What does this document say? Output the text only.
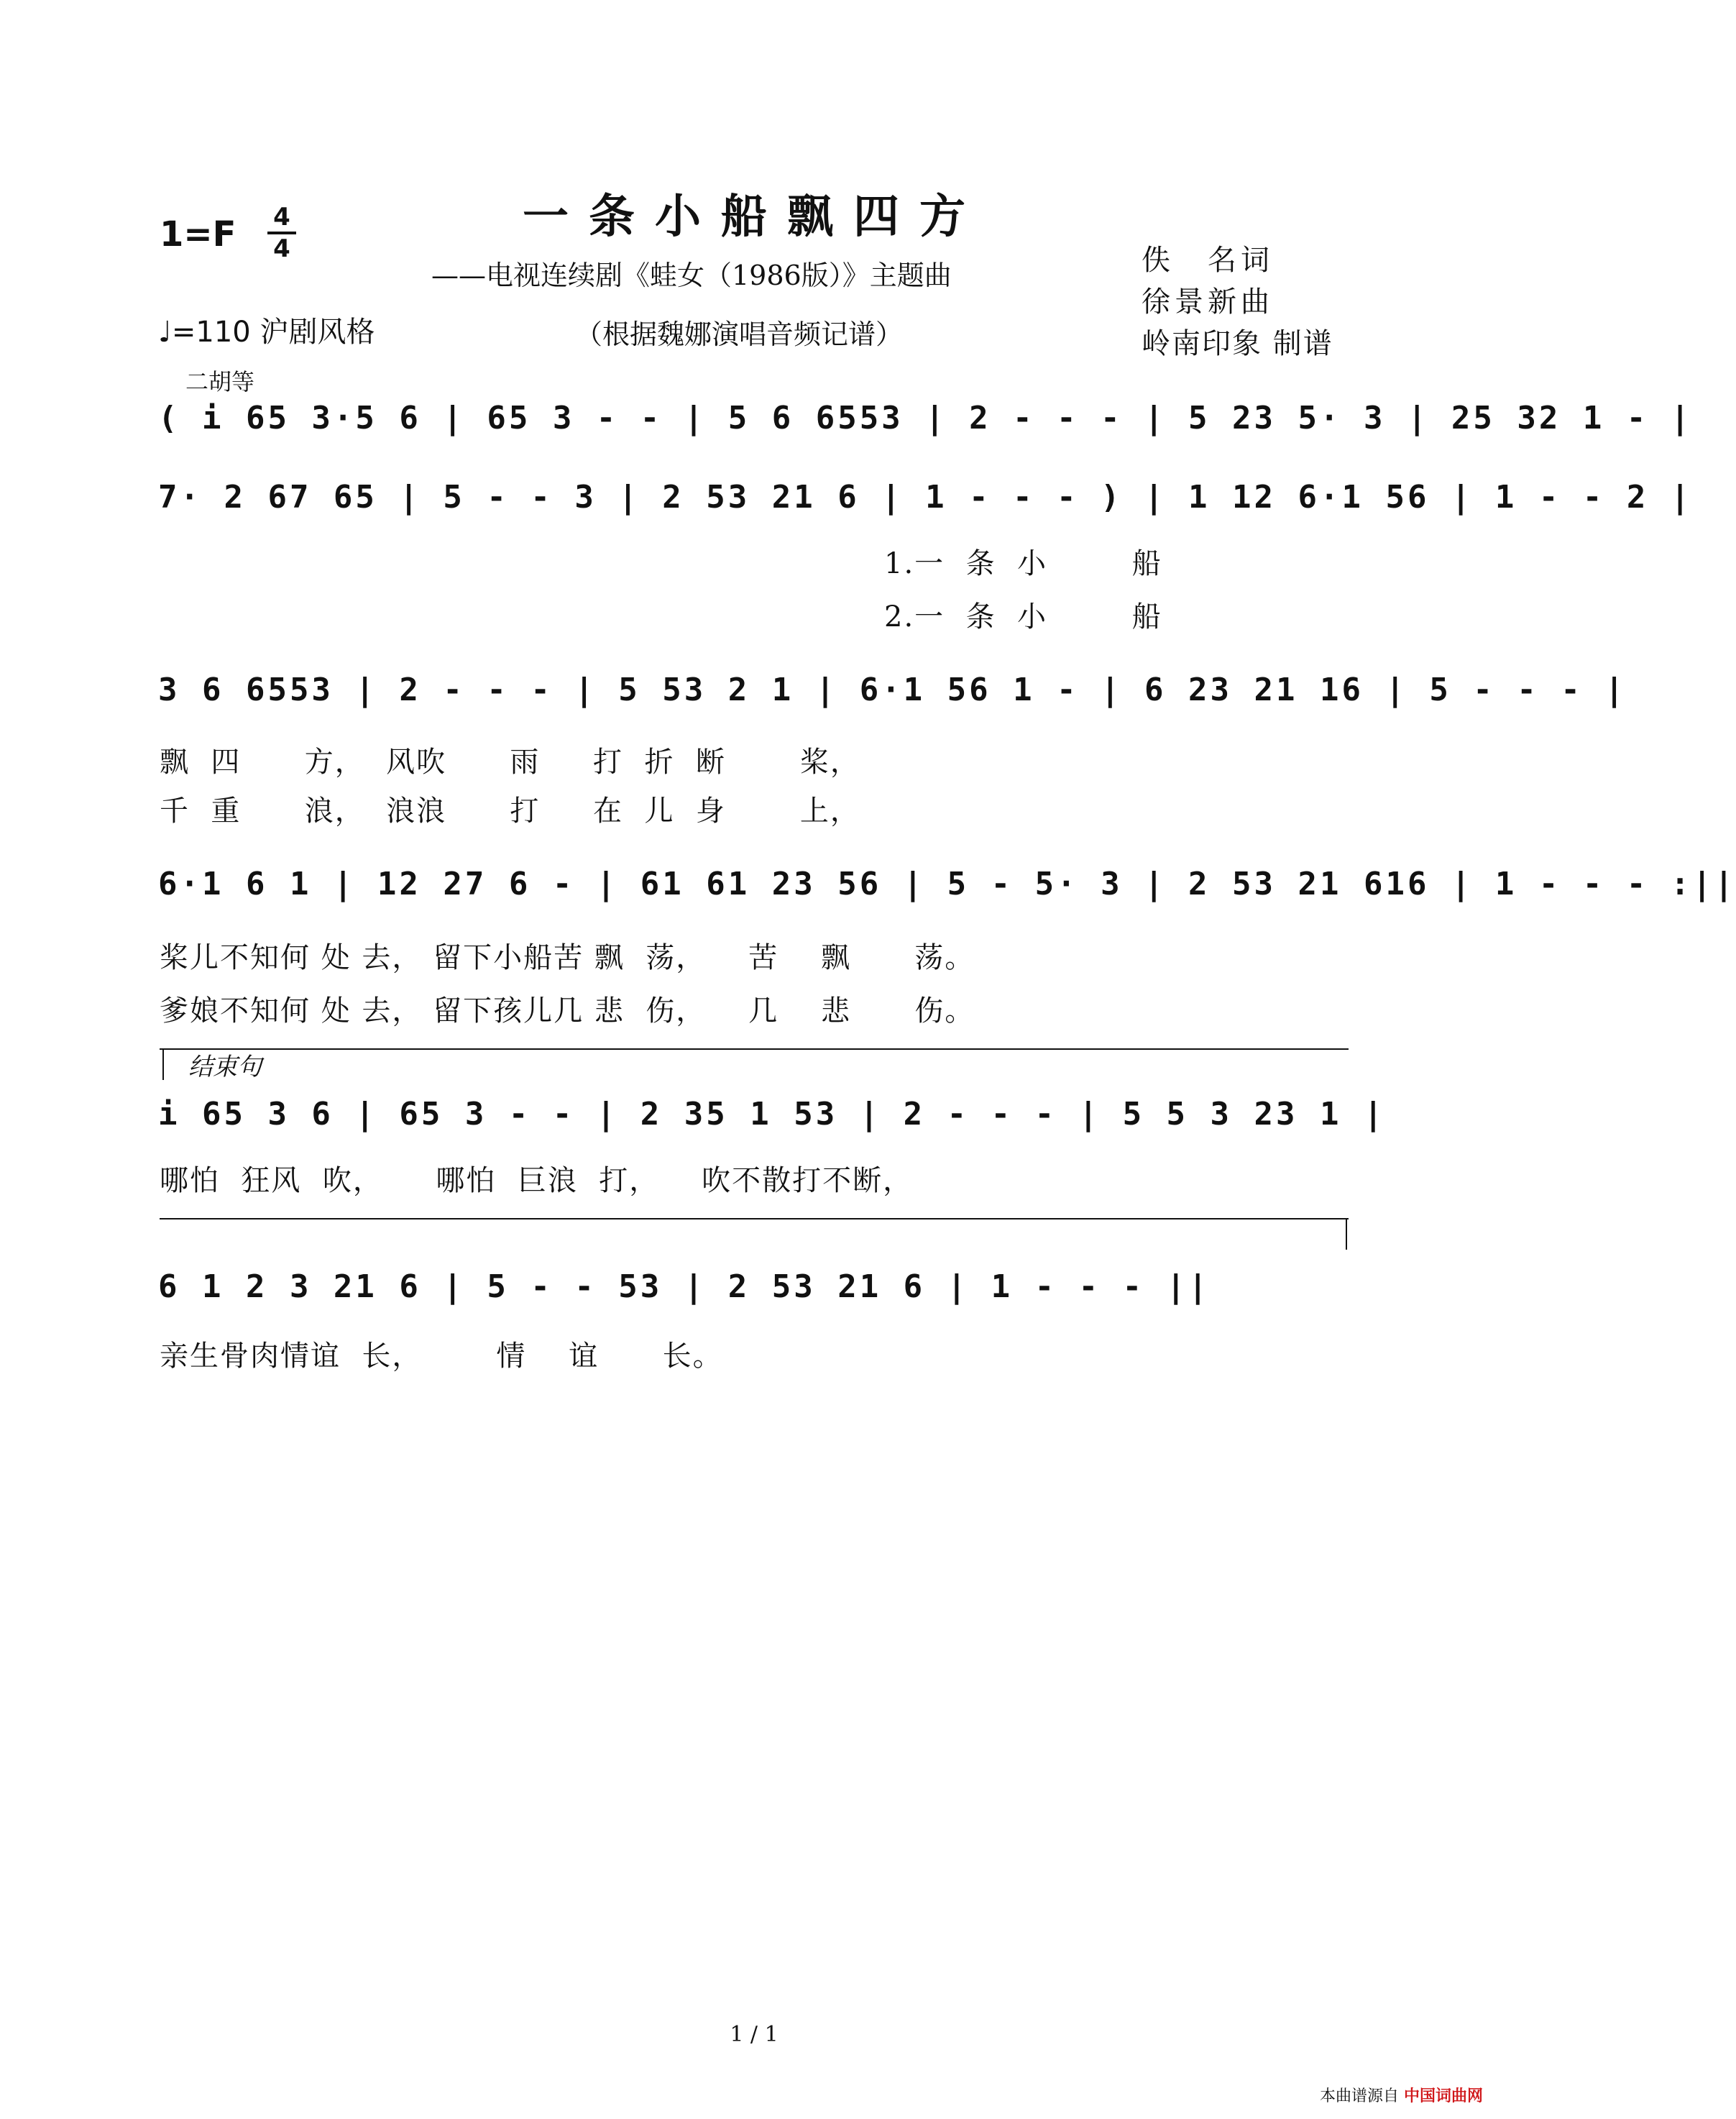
一条小船飘四方
——电视连续剧《蛙女（1986版）》主题曲
（根据魏娜演唱音频记谱）
佚　名词
徐景新曲
岭南印象 制谱
1=F 4
4
♩=110 沪剧风格
二胡等
( i 65 3·5 6 | 65 3 - - | 5 6 6553 | 2 - - - | 5 23 5· 3 | 25 32 1 - |
7· 2 67 65 | 5 - - 3 | 2 53 21 6 | 1 - - - ) | 1 12 6·1 56 | 1 - - 2 |
1.一  条  小        船
2.一  条  小        船
3 6 6553 | 2 - - - | 5 53 2 1 | 6·1 56 1 - | 6 23 21 16 | 5 - - - |
飘  四      方，  风吹      雨     打  折  断       桨，
千  重      浪，  浪浪      打     在  儿  身       上，
6·1 6 1 | 12 27 6 - | 61 61 23 56 | 5 - 5· 3 | 2 53 21 616 | 1 - - - :||
桨儿不知何 处 去， 留下小船苦 飘  荡，    苦    飘      荡。
爹娘不知何 处 去， 留下孩儿几 悲  伤，    几    悲      伤。
结束句
i 65 3 6 | 65 3 - - | 2 35 1 53 | 2 - - - | 5 5 3 23 1 |
哪怕  狂风  吹，     哪怕  巨浪  打，    吹不散打不断，
6 1 2 3 21 6 | 5 - - 53 | 2 53 21 6 | 1 - - - ||
亲生骨肉情谊  长，       情    谊      长。
1 / 1
本曲谱源自 中国词曲网
